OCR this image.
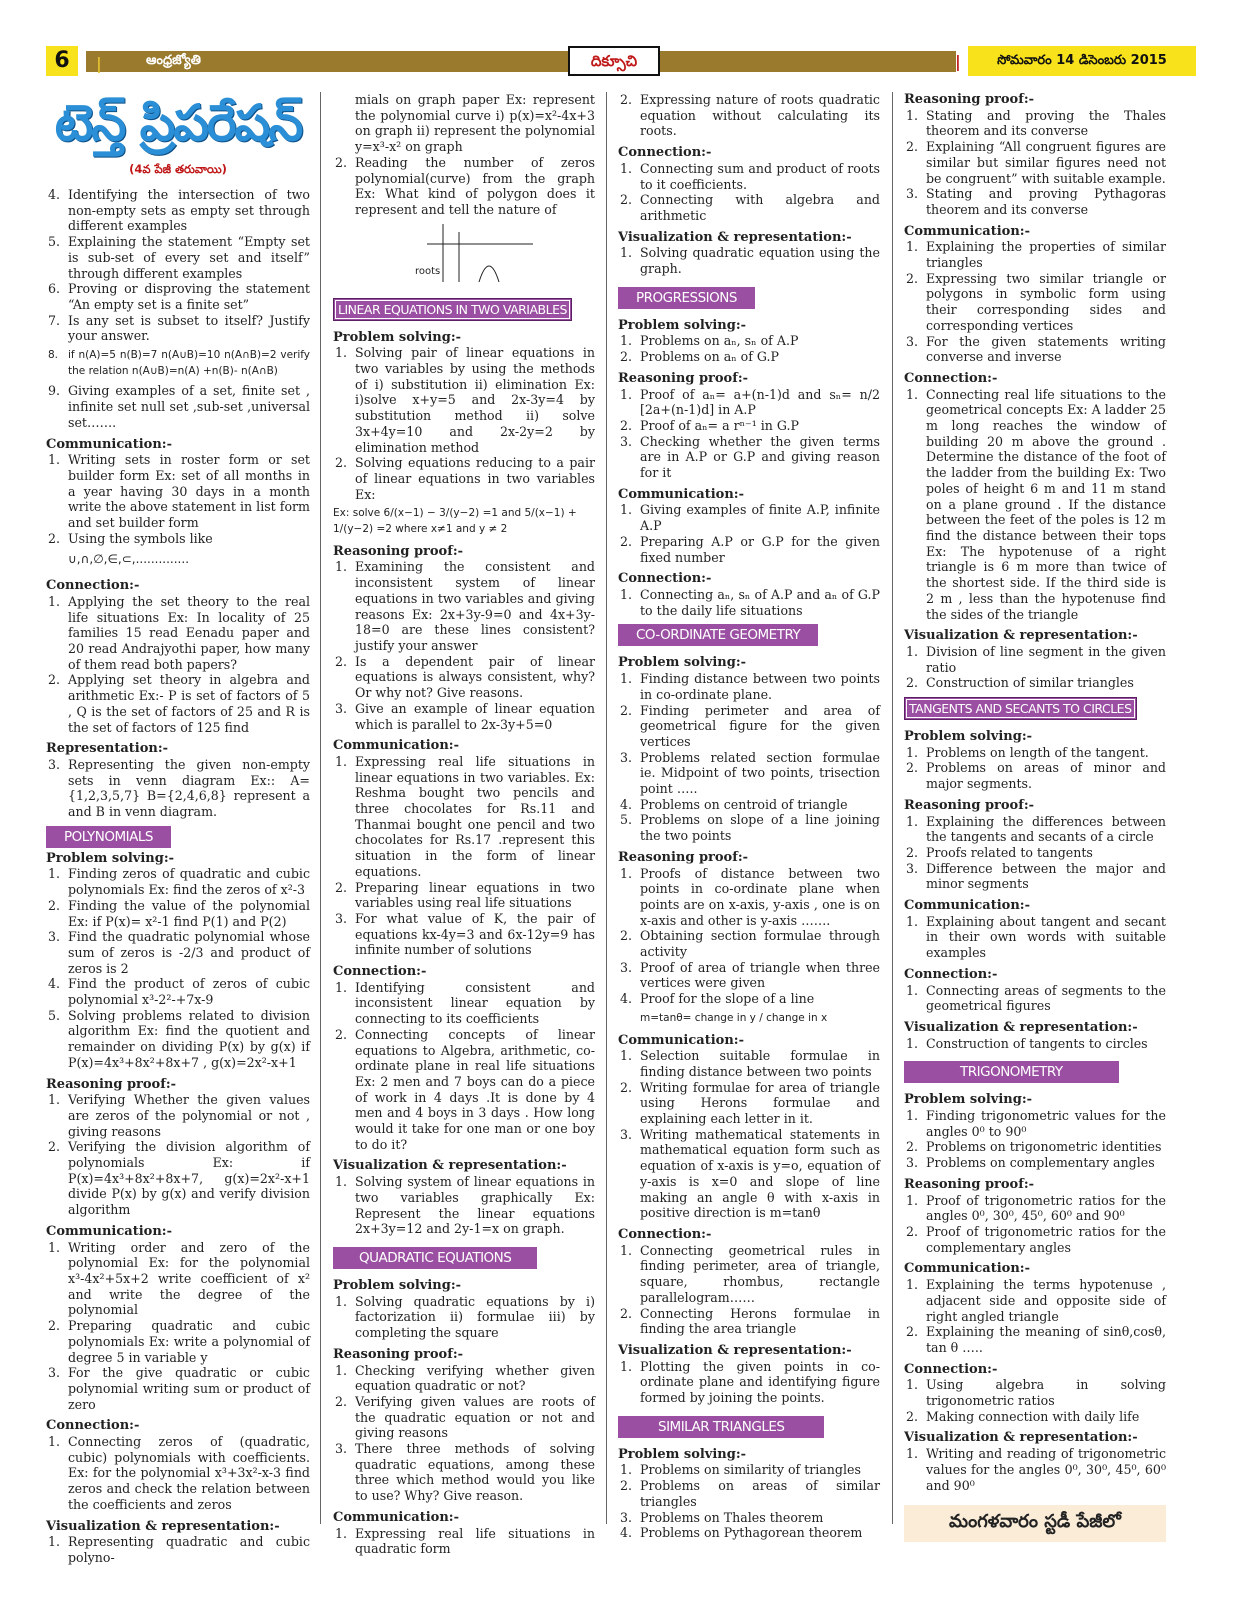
6	|	ఆంధ్రజ్యోతి	దిక్సూచి	|	సోమవారం 14 డిసెంబరు 2015
టెన్త్ ప్రిపరేషన్
(4వ పేజీ తరువాయి)
4. Identifying the intersection of two non-empty sets as empty set through different examples
5. Explaining the statement “Empty set is sub-set of every set and itself” through different examples
6. Proving or disproving the statement “An empty set is a finite set”
7. Is any set is subset to itself? Justify your answer.
8. if n(A)=5 n(B)=7 n(A∪B)=10 n(A∩B)=2 verify the relation n(A∪B)=n(A) +n(B)- n(A∩B)
9. Giving examples of a set, finite set , infinite set null set ,sub-set ,universal set…….
Communication:-
1. Writing sets in roster form or set builder form Ex: set of all months in a year having 30 days in a month write the above statement in list form and set builder form
2. Using the symbols like
∪,∩,∅,∈,⊂,..............
Connection:-
1. Applying the set theory to the real life situations Ex: In locality of 25 families 15 read Eenadu paper and 20 read Andrajyothi paper, how many of them read both papers?
2. Applying set theory in algebra and arithmetic Ex:- P is set of factors of 5 , Q is the set of factors of 25 and R is the set of factors of 125 find
Representation:-
3. Representing the given non-empty sets in venn diagram Ex:: A={1,2,3,5,7} B={2,4,6,8} represent a and B in venn diagram.
POLYNOMIALS
Problem solving:-
1. Finding zeros of quadratic and cubic polynomials Ex: find the zeros of x²-3
2. Finding the value of the polynomial Ex: if P(x)= x²-1 find P(1) and P(2)
3. Find the quadratic polynomial whose sum of zeros is -2/3 and product of zeros is 2
4. Find the product of zeros of cubic polynomial x³-2²-+7x-9
5. Solving problems related to division algorithm Ex: find the quotient and remainder on dividing P(x) by g(x) if P(x)=4x³+8x²+8x+7 , g(x)=2x²-x+1
Reasoning proof:-
1. Verifying Whether the given values are zeros of the polynomial or not , giving reasons
2. Verifying the division algorithm of polynomials Ex: if P(x)=4x³+8x²+8x+7, g(x)=2x²-x+1 divide P(x) by g(x) and verify division algorithm
Communication:-
1. Writing order and zero of the polynomial Ex: for the polynomial x³-4x²+5x+2 write coefficient of x² and write the degree of the polynomial
2. Preparing quadratic and cubic polynomials Ex: write a polynomial of degree 5 in variable y
3. For the give quadratic or cubic polynomial writing sum or product of zero
Connection:-
1. Connecting zeros of (quadratic, cubic) polynomials with coefficients. Ex: for the polynomial x³+3x²-x-3 find zeros and check the relation between the coefficients and zeros
Visualization & representation:-
1. Representing quadratic and cubic polyno-
mials on graph paper Ex: represent the polynomial curve i) p(x)=x²-4x+3 on graph ii) represent the polynomial y=x³-x² on graph
2. Reading the number of zeros polynomial(curve) from the graph Ex: What kind of polygon does it represent and tell the nature of
roots
LINEAR EQUATIONS IN TWO VARIABLES
Problem solving:-
1. Solving pair of linear equations in two variables by using the methods of i) substitution ii) elimination Ex: i)solve x+y=5 and 2x-3y=4 by substitution method ii) solve 3x+4y=10 and 2x-2y=2 by elimination method
2. Solving equations reducing to a pair of linear equations in two variables Ex:
Ex: solve 6/(x−1) − 3/(y−2) =1 and 5/(x−1) + 1/(y−2) =2 where x≠1 and y ≠ 2
Reasoning proof:-
1. Examining the consistent and inconsistent system of linear equations in two variables and giving reasons Ex: 2x+3y-9=0 and 4x+3y-18=0 are these lines consistent? justify your answer
2. Is a dependent pair of linear equations is always consistent, why? Or why not? Give reasons.
3. Give an example of linear equation which is parallel to 2x-3y+5=0
Communication:-
1. Expressing real life situations in linear equations in two variables. Ex: Reshma bought two pencils and three chocolates for Rs.11 and Thanmai bought one pencil and two chocolates for Rs.17 .represent this situation in the form of linear equations.
2. Preparing linear equations in two variables using real life situations
3. For what value of K, the pair of equations kx-4y=3 and 6x-12y=9 has infinite number of solutions
Connection:-
1. Identifying consistent and inconsistent linear equation by connecting to its coefficients
2. Connecting concepts of linear equations to Algebra, arithmetic, co-ordinate plane in real life situations Ex: 2 men and 7 boys can do a piece of work in 4 days .It is done by 4 men and 4 boys in 3 days . How long would it take for one man or one boy to do it?
Visualization & representation:-
1. Solving system of linear equations in two variables graphically Ex: Represent the linear equations 2x+3y=12 and 2y-1=x on graph.
QUADRATIC EQUATIONS
Problem solving:-
1. Solving quadratic equations by i) factorization ii) formulae iii) by completing the square
Reasoning proof:-
1. Checking verifying whether given equation quadratic or not?
2. Verifying given values are roots of the quadratic equation or not and giving reasons
3. There three methods of solving quadratic equations, among these three which method would you like to use? Why? Give reason.
Communication:-
1. Expressing real life situations in quadratic form
2. Expressing nature of roots quadratic equation without calculating its roots.
Connection:-
1. Connecting sum and product of roots to it coefficients.
2. Connecting with algebra and arithmetic
Visualization & representation:-
1. Solving quadratic equation using the graph.
PROGRESSIONS
Problem solving:-
1. Problems on aₙ, sₙ of A.P
2. Problems on aₙ of G.P
Reasoning proof:-
1. Proof of aₙ= a+(n-1)d and sₙ= n/2 [2a+(n-1)d] in A.P
2. Proof of aₙ= a rⁿ⁻¹ in G.P
3. Checking whether the given terms are in A.P or G.P and giving reason for it
Communication:-
1. Giving examples of finite A.P, infinite A.P
2. Preparing A.P or G.P for the given fixed number
Connection:-
1. Connecting aₙ, sₙ of A.P and aₙ of G.P to the daily life situations
CO-ORDINATE GEOMETRY
Problem solving:-
1. Finding distance between two points in co-ordinate plane.
2. Finding perimeter and area of geometrical figure for the given vertices
3. Problems related section formulae ie. Midpoint of two points, trisection point …..
4. Problems on centroid of triangle
5. Problems on slope of a line joining the two points
Reasoning proof:-
1. Proofs of distance between two points in co-ordinate plane when points are on x-axis, y-axis , one is on x-axis and other is y-axis …….
2. Obtaining section formulae through activity
3. Proof of area of triangle when three vertices were given
4. Proof for the slope of a line
m=tanθ= change in y / change in x
Communication:-
1. Selection suitable formulae in finding distance between two points
2. Writing formulae for area of triangle using Herons formulae and explaining each letter in it.
3. Writing mathematical statements in mathematical equation form such as equation of x-axis is y=o, equation of y-axis is x=0 and slope of line making an angle θ with x-axis in positive direction is m=tanθ
Connection:-
1. Connecting geometrical rules in finding perimeter, area of triangle, square, rhombus, rectangle parallelogram……
2. Connecting Herons formulae in finding the area triangle
Visualization & representation:-
1. Plotting the given points in co-ordinate plane and identifying figure formed by joining the points.
SIMILAR TRIANGLES
Problem solving:-
1. Problems on similarity of triangles
2. Problems on areas of similar triangles
3. Problems on Thales theorem
4. Problems on Pythagorean theorem
Reasoning proof:-
1. Stating and proving the Thales theorem and its converse
2. Explaining “All congruent figures are similar but similar figures need not be congruent” with suitable example.
3. Stating and proving Pythagoras theorem and its converse
Communication:-
1. Explaining the properties of similar triangles
2. Expressing two similar triangle or polygons in symbolic form using their corresponding sides and corresponding vertices
3. For the given statements writing converse and inverse
Connection:-
1. Connecting real life situations to the geometrical concepts Ex: A ladder 25 m long reaches the window of building 20 m above the ground . Determine the distance of the foot of the ladder from the building Ex: Two poles of height 6 m and 11 m stand on a plane ground . If the distance between the feet of the poles is 12 m find the distance between their tops Ex: The hypotenuse of a right triangle is 6 m more than twice of the shortest side. If the third side is 2 m , less than the hypotenuse find the sides of the triangle
Visualization & representation:-
1. Division of line segment in the given ratio
2. Construction of similar triangles
TANGENTS AND SECANTS TO CIRCLES
Problem solving:-
1. Problems on length of the tangent.
2. Problems on areas of minor and major segments.
Reasoning proof:-
1. Explaining the differences between the tangents and secants of a circle
2. Proofs related to tangents
3. Difference between the major and minor segments
Communication:-
1. Explaining about tangent and secant in their own words with suitable examples
Connection:-
1. Connecting areas of segments to the geometrical figures
Visualization & representation:-
1. Construction of tangents to circles
TRIGONOMETRY
Problem solving:-
1. Finding trigonometric values for the angles 0⁰ to 90⁰
2. Problems on trigonometric identities
3. Problems on complementary angles
Reasoning proof:-
1. Proof of trigonometric ratios for the angles 0⁰, 30⁰, 45⁰, 60⁰ and 90⁰
2. Proof of trigonometric ratios for the complementary angles
Communication:-
1. Explaining the terms hypotenuse , adjacent side and opposite side of right angled triangle
2. Explaining the meaning of sinθ,cosθ, tan θ …..
Connection:-
1. Using algebra in solving trigonometric ratios
2. Making connection with daily life
Visualization & representation:-
1. Writing and reading of trigonometric values for the angles 0⁰, 30⁰, 45⁰, 60⁰ and 90⁰
మంగళవారం స్టడీ పేజీలో
